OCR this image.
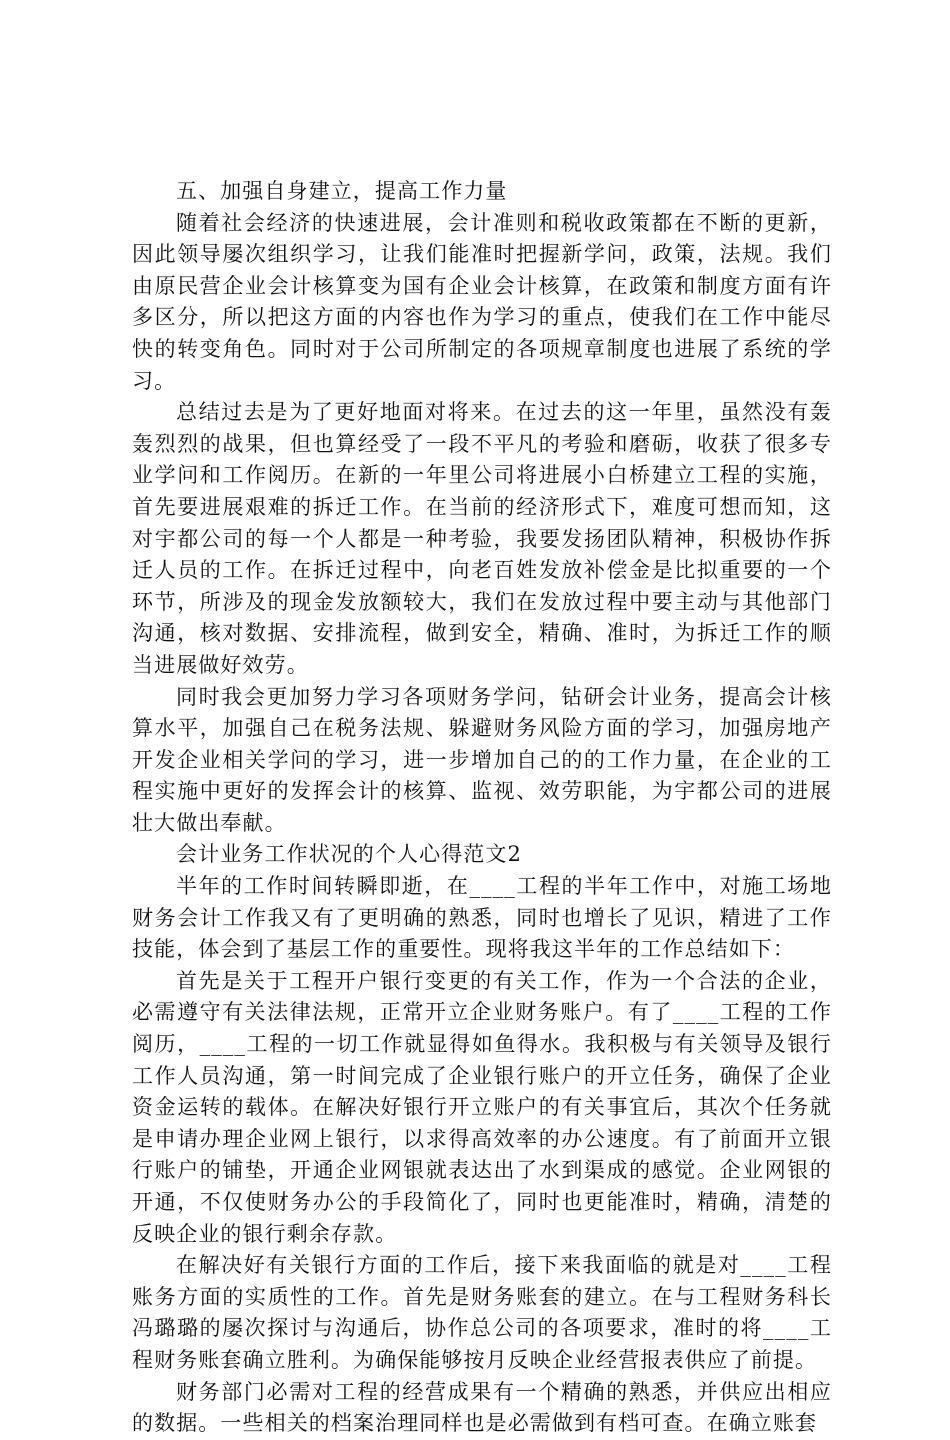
五、加强自身建立，提高工作力量

随着社会经济的快速进展，会计准则和税收政策都在不断的更新，因此领导屡次组织学习，让我们能准时把握新学问，政策，法规。我们由原民营企业会计核算变为国有企业会计核算，在政策和制度方面有许多区分，所以把这方面的内容也作为学习的重点，使我们在工作中能尽快的转变角色。同时对于公司所制定的各项规章制度也进展了系统的学习。

总结过去是为了更好地面对将来。在过去的这一年里，虽然没有轰轰烈烈的战果，但也算经受了一段不平凡的考验和磨砺，收获了很多专业学问和工作阅历。在新的一年里公司将进展小白桥建立工程的实施，首先要进展艰难的拆迁工作。在当前的经济形式下，难度可想而知，这对宇都公司的每一个人都是一种考验，我要发扬团队精神，积极协作拆迁人员的工作。在拆迁过程中，向老百姓发放补偿金是比拟重要的一个环节，所涉及的现金发放额较大，我们在发放过程中要主动与其他部门沟通，核对数据、安排流程，做到安全，精确、准时，为拆迁工作的顺当进展做好效劳。

同时我会更加努力学习各项财务学问，钻研会计业务，提高会计核算水平，加强自己在税务法规、躲避财务风险方面的学习，加强房地产开发企业相关学问的学习，进一步增加自己的的工作力量，在企业的工程实施中更好的发挥会计的核算、监视、效劳职能，为宇都公司的进展壮大做出奉献。

会计业务工作状况的个人心得范文2

半年的工作时间转瞬即逝，在____工程的半年工作中，对施工场地财务会计工作我又有了更明确的熟悉，同时也增长了见识，精进了工作技能，体会到了基层工作的重要性。现将我这半年的工作总结如下：

首先是关于工程开户银行变更的有关工作，作为一个合法的企业，必需遵守有关法律法规，正常开立企业财务账户。有了____工程的工作阅历，____工程的一切工作就显得如鱼得水。我积极与有关领导及银行工作人员沟通，第一时间完成了企业银行账户的开立任务，确保了企业资金运转的载体。在解决好银行开立账户的有关事宜后，其次个任务就是申请办理企业网上银行，以求得高效率的办公速度。有了前面开立银行账户的铺垫，开通企业网银就表达出了水到渠成的感觉。企业网银的开通，不仅使财务办公的手段简化了，同时也更能准时，精确，清楚的反映企业的银行剩余存款。

在解决好有关银行方面的工作后，接下来我面临的就是对____工程账务方面的实质性的工作。首先是财务账套的建立。在与工程财务科长冯璐璐的屡次探讨与沟通后，协作总公司的各项要求，准时的将____工程财务账套确立胜利。为确保能够按月反映企业经营报表供应了前提。

财务部门必需对工程的经营成果有一个精确的熟悉，并供应出相应的数据。一些相关的档案治理同样也是必需做到有档可查。在确立账套
